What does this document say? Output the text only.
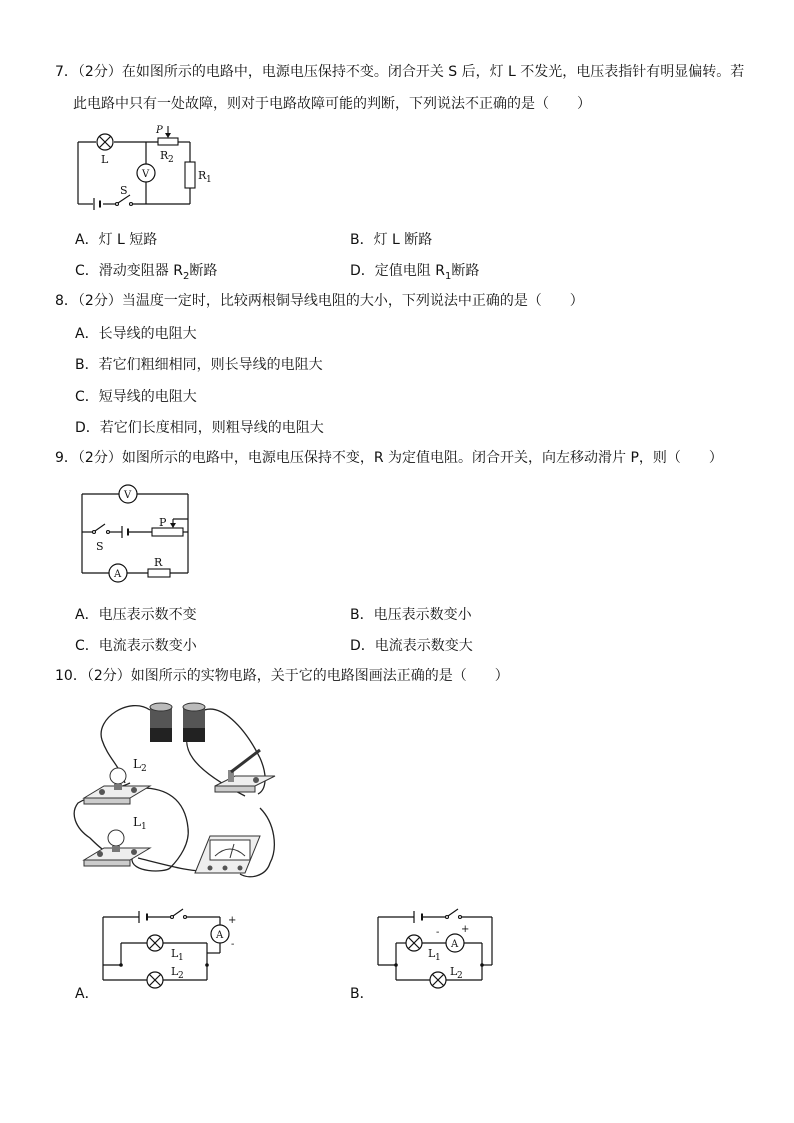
7．（2分）在如图所示的电路中，电源电压保持不变。闭合开关 S 后，灯 L 不发光，电压表指针有明显偏转。若
此电路中只有一处故障，则对于电路故障可能的判断，下列说法不正确的是（　　）
L
V
P
R 2
R 1
S
A．灯 L 短路	B．灯 L 断路
C．滑动变阻器 $R_2$断路	D．定值电阻 $R_1$断路
8．（2分）当温度一定时，比较两根铜导线电阻的大小，下列说法中正确的是（　　）
A．长导线的电阻大
B．若它们粗细相同，则长导线的电阻大
C．短导线的电阻大
D．若它们长度相同，则粗导线的电阻大
9．（2分）如图所示的电路中，电源电压保持不变，R 为定值电阻。闭合开关，向左移动滑片 P，则（　　）
V
A
S
P
R
A．电压表示数不变	B．电压表示数变小
C．电流表示数变小	D．电流表示数变大
10．（2分）如图所示的实物电路，关于它的电路图画法正确的是（　　）
L 2
L 1
A
+
-
L 1
L 2
A．
A
- +
L 1
L 2
B．
